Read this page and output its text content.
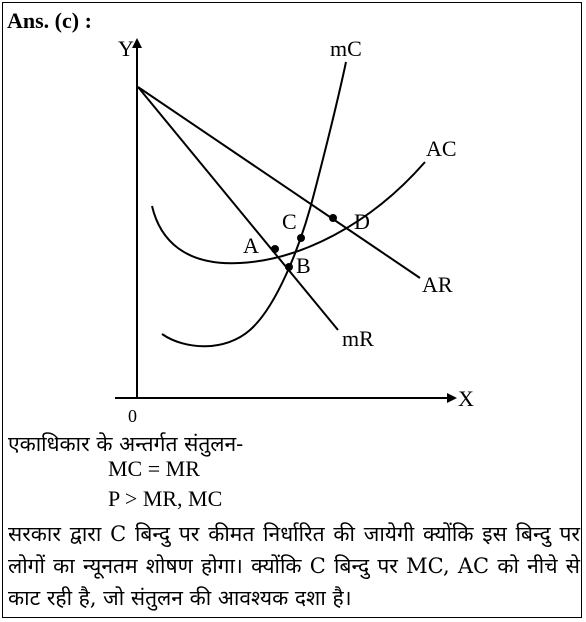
Ans. (c) :
Y
X
0
mC
AC
AR
mR
A
B
C	D
एकाधिकार के अन्तर्गत संतुलन-
MC = MR
P > MR, MC
सरकार द्वारा C बिन्दु पर कीमत निर्धारित की जायेगी क्योंकि इस बिन्दु पर लोगों का न्यूनतम शोषण होगा। क्योंकि C बिन्दु पर MC, AC को नीचे से काट रही है, जो संतुलन की आवश्यक दशा है।
